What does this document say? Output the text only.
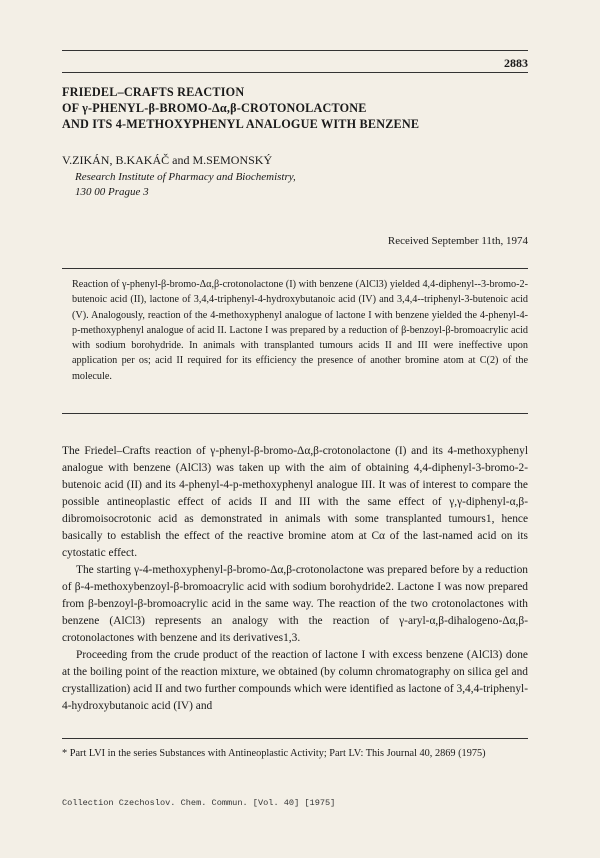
2883
FRIEDEL–CRAFTS REACTION
OF γ-PHENYL-β-BROMO-Δα,β-CROTONOLACTONE
AND ITS 4-METHOXYPHENYL ANALOGUE WITH BENZENE
V.ZIKÁN, B.KAKÁČ and M.SEMONSKÝ
Research Institute of Pharmacy and Biochemistry,
130 00 Prague 3
Received September 11th, 1974
Reaction of γ-phenyl-β-bromo-Δα,β-crotonolactone (I) with benzene (AlCl3) yielded 4,4-diphenyl--3-bromo-2-butenoic acid (II), lactone of 3,4,4-triphenyl-4-hydroxybutanoic acid (IV) and 3,4,4--triphenyl-3-butenoic acid (V). Analogously, reaction of the 4-methoxyphenyl analogue of lactone I with benzene yielded the 4-phenyl-4-p-methoxyphenyl analogue of acid II. Lactone I was prepared by a reduction of β-benzoyl-β-bromoacrylic acid with sodium borohydride. In animals with transplanted tumours acids II and III were ineffective upon application per os; acid II required for its efficiency the presence of another bromine atom at C(2) of the molecule.

The Friedel–Crafts reaction of γ-phenyl-β-bromo-Δα,β-crotonolactone (I) and its 4-methoxyphenyl analogue with benzene (AlCl3) was taken up with the aim of obtaining 4,4-diphenyl-3-bromo-2-butenoic acid (II) and its 4-phenyl-4-p-methoxyphenyl analogue III. It was of interest to compare the possible antineoplastic effect of acids II and III with the same effect of γ,γ-diphenyl-α,β-dibromoisocrotonic acid as demonstrated in animals with some transplanted tumours1, hence basically to establish the effect of the reactive bromine atom at Cα of the last-named acid on its cytostatic effect.

The starting γ-4-methoxyphenyl-β-bromo-Δα,β-crotonolactone was prepared before by a reduction of β-4-methoxybenzoyl-β-bromoacrylic acid with sodium borohydride2. Lactone I was now prepared from β-benzoyl-β-bromoacrylic acid in the same way. The reaction of the two crotonolactones with benzene (AlCl3) represents an analogy with the reaction of γ-aryl-α,β-dihalogeno-Δα,β-crotonolactones with benzene and its derivatives1,3.

Proceeding from the crude product of the reaction of lactone I with excess benzene (AlCl3) done at the boiling point of the reaction mixture, we obtained (by column chromatography on silica gel and crystallization) acid II and two further compounds which were identified as lactone of 3,4,4-triphenyl-4-hydroxybutanoic acid (IV) and

* Part LVI in the series Substances with Antineoplastic Activity; Part LV: This Journal 40, 2869 (1975)
Collection Czechoslov. Chem. Commun. [Vol. 40] [1975]
